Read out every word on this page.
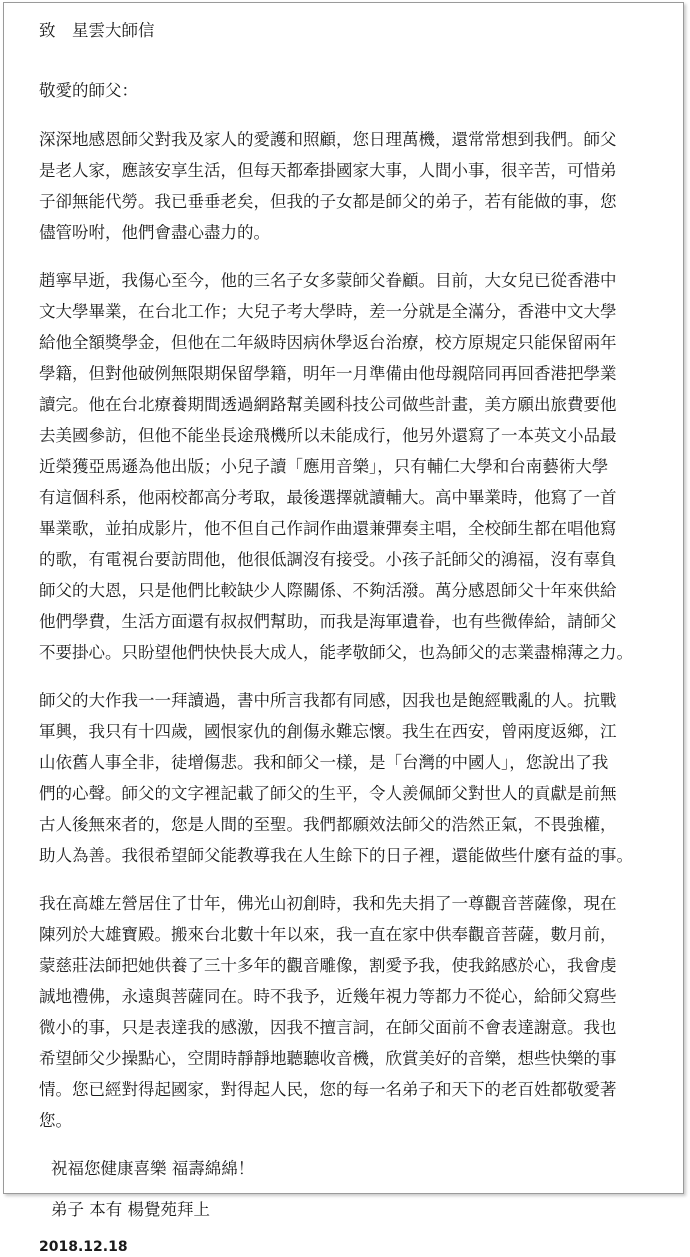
致　星雲大師信
敬愛的師父：
深深地感恩師父對我及家人的愛護和照顧，您日理萬機，還常常想到我們。師父
是老人家，應該安享生活，但每天都牽掛國家大事，人間小事，很辛苦，可惜弟
子卻無能代勞。我已垂垂老矣，但我的子女都是師父的弟子，若有能做的事，您
儘管吩咐，他們會盡心盡力的。
趙寧早逝，我傷心至今，他的三名子女多蒙師父眷顧。目前，大女兒已從香港中
文大學畢業，在台北工作；大兒子考大學時，差一分就是全滿分，香港中文大學
給他全額獎學金，但他在二年級時因病休學返台治療，校方原規定只能保留兩年
學籍，但對他破例無限期保留學籍，明年一月準備由他母親陪同再回香港把學業
讀完。他在台北療養期間透過網路幫美國科技公司做些計畫，美方願出旅費要他
去美國參訪，但他不能坐長途飛機所以未能成行，他另外還寫了一本英文小品最
近榮獲亞馬遜為他出版；小兒子讀「應用音樂」，只有輔仁大學和台南藝術大學
有這個科系，他兩校都高分考取，最後選擇就讀輔大。高中畢業時，他寫了一首
畢業歌，並拍成影片，他不但自己作詞作曲還兼彈奏主唱，全校師生都在唱他寫
的歌，有電視台要訪問他，他很低調沒有接受。小孩子託師父的鴻福，沒有辜負
師父的大恩，只是他們比較缺少人際關係、不夠活潑。萬分感恩師父十年來供給
他們學費，生活方面還有叔叔們幫助，而我是海軍遺眷，也有些微俸給，請師父
不要掛心。只盼望他們快快長大成人，能孝敬師父，也為師父的志業盡棉薄之力。
師父的大作我一一拜讀過，書中所言我都有同感，因我也是飽經戰亂的人。抗戰
軍興，我只有十四歲，國恨家仇的創傷永難忘懷。我生在西安，曾兩度返鄉，江
山依舊人事全非，徒增傷悲。我和師父一樣，是「台灣的中國人」，您說出了我
們的心聲。師父的文字裡記載了師父的生平，令人羨佩師父對世人的貢獻是前無
古人後無來者的，您是人間的至聖。我們都願效法師父的浩然正氣，不畏強權，
助人為善。我很希望師父能教導我在人生餘下的日子裡，還能做些什麼有益的事。
我在高雄左營居住了廿年，佛光山初創時，我和先夫捐了一尊觀音菩薩像，現在
陳列於大雄寶殿。搬來台北數十年以來，我一直在家中供奉觀音菩薩，數月前，
蒙慈莊法師把她供養了三十多年的觀音雕像，割愛予我，使我銘感於心，我會虔
誠地禮佛，永遠與菩薩同在。時不我予，近幾年視力等都力不從心，給師父寫些
微小的事，只是表達我的感激，因我不擅言詞，在師父面前不會表達謝意。我也
希望師父少操點心，空閒時靜靜地聽聽收音機，欣賞美好的音樂，想些快樂的事
情。您已經對得起國家，對得起人民，您的每一名弟子和天下的老百姓都敬愛著
您。
祝福您健康喜樂 福壽綿綿！
弟子 本有 楊覺苑拜上
2018.12.18
